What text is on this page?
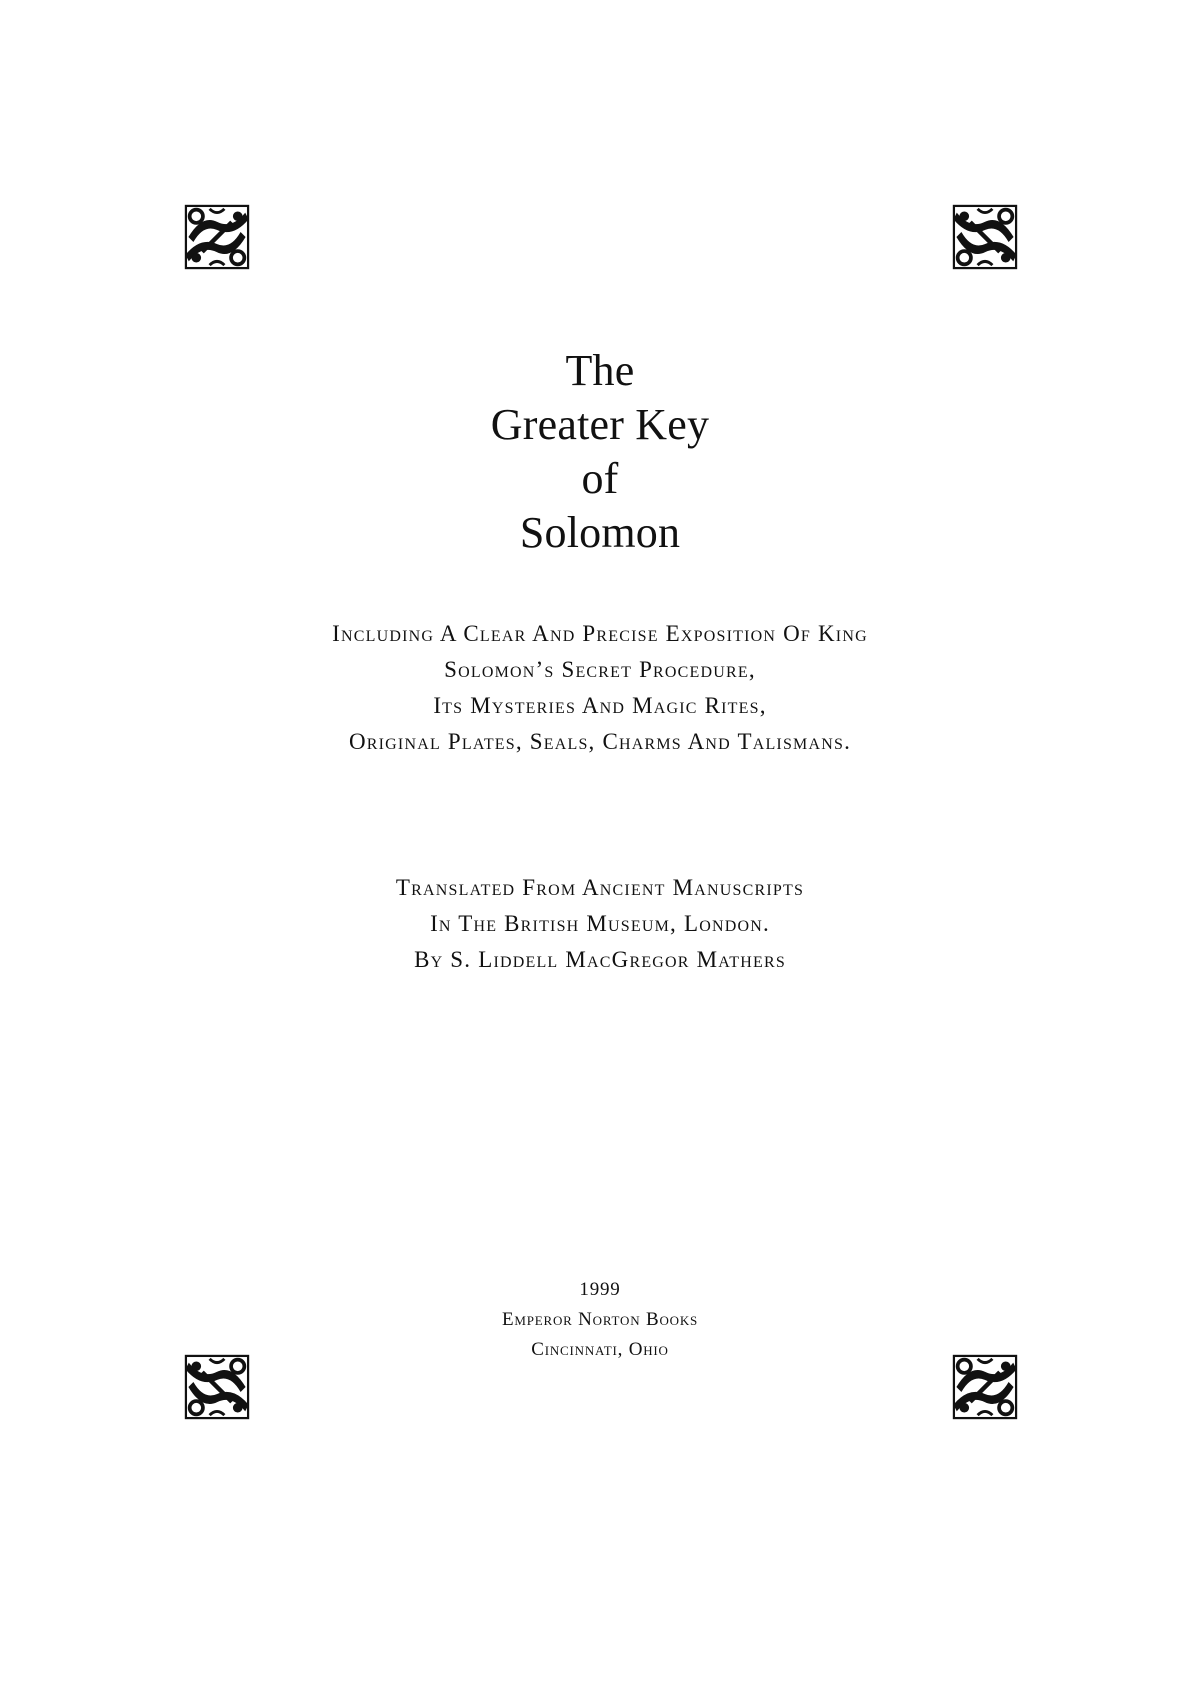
The
Greater Key
of
Solomon
Including A Clear And Precise Exposition Of King
Solomon’s Secret Procedure,
Its Mysteries And Magic Rites,
Original Plates, Seals, Charms And Talismans.
Translated From Ancient Manuscripts
In The British Museum, London.
By S. Liddell MacGregor Mathers
1999
Emperor Norton Books
Cincinnati, Ohio
